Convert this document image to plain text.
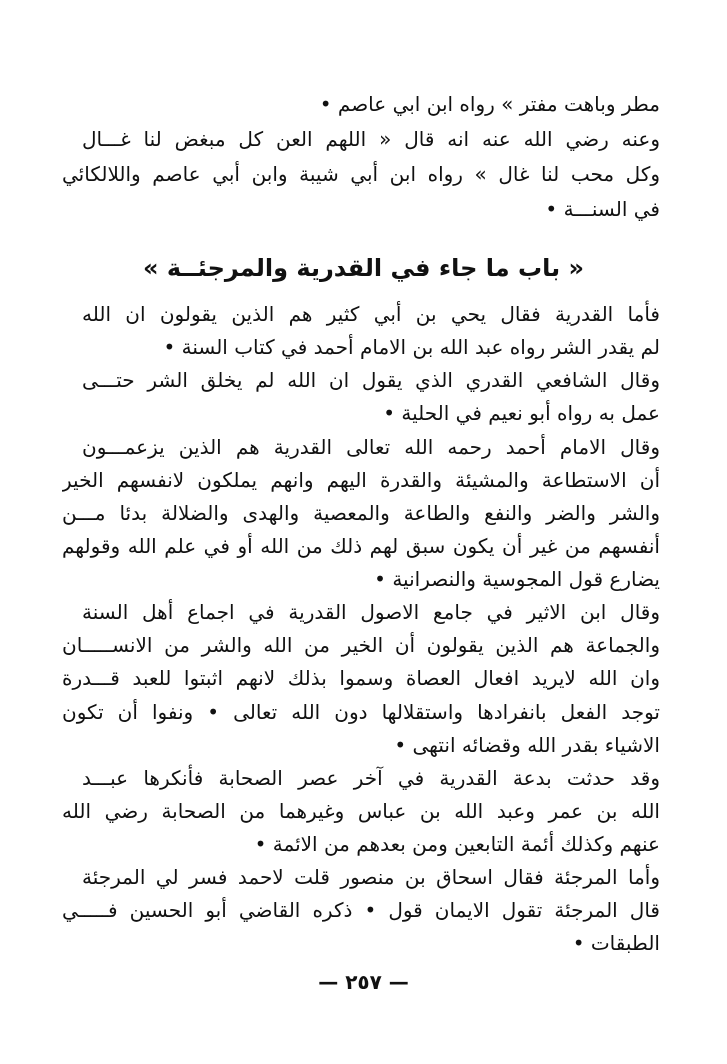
مطر وباهت مفتر » رواه ابن ابي عاصم •
وعنه رضي الله عنه انه قال « اللهم العن كل مبغض لنا غـــال
وكل محب لنا غال » رواه ابن أبي شيبة وابن أبي عاصم واللالكائي
في السنـــة •
« باب ما جاء في القدرية والمرجئــة »
فأما القدرية فقال يحي بن أبي كثير هم الذين يقولون ان الله
لم يقدر الشر رواه عبد الله بن الامام أحمد في كتاب السنة •
وقال الشافعي القدري الذي يقول ان الله لم يخلق الشر حتـــى
عمل به رواه أبو نعيم في الحلية •
وقال الامام أحمد رحمه الله تعالى القدرية هم الذين يزعمـــون
أن الاستطاعة والمشيئة والقدرة اليهم وانهم يملكون لانفسهم الخير
والشر والضر والنفع والطاعة والمعصية والهدى والضلالة بدئا مـــن
أنفسهم من غير أن يكون سبق لهم ذلك من الله أو في علم الله وقولهم
يضارع قول المجوسية والنصرانية •
وقال ابن الاثير في جامع الاصول القدرية في اجماع أهل السنة
والجماعة هم الذين يقولون أن الخير من الله والشر من الانســـــان
وان الله لايريد افعال العصاة وسموا بذلك لانهم اثبتوا للعبد قـــدرة
توجد الفعل بانفرادها واستقلالها دون الله تعالى • ونفوا أن تكون
الاشياء بقدر الله وقضائه انتهى •
وقد حدثت بدعة القدرية في آخر عصر الصحابة فأنكرها عبـــد
الله بن عمر وعبد الله بن عباس وغيرهما من الصحابة رضي الله
عنهم وكذلك أئمة التابعين ومن بعدهم من الائمة •
وأما المرجئة فقال اسحاق بن منصور قلت لاحمد فسر لي المرجئة
قال المرجئة تقول الايمان قول • ذكره القاضي أبو الحسين فـــــي
الطبقات •
— ٢٥٧ —
